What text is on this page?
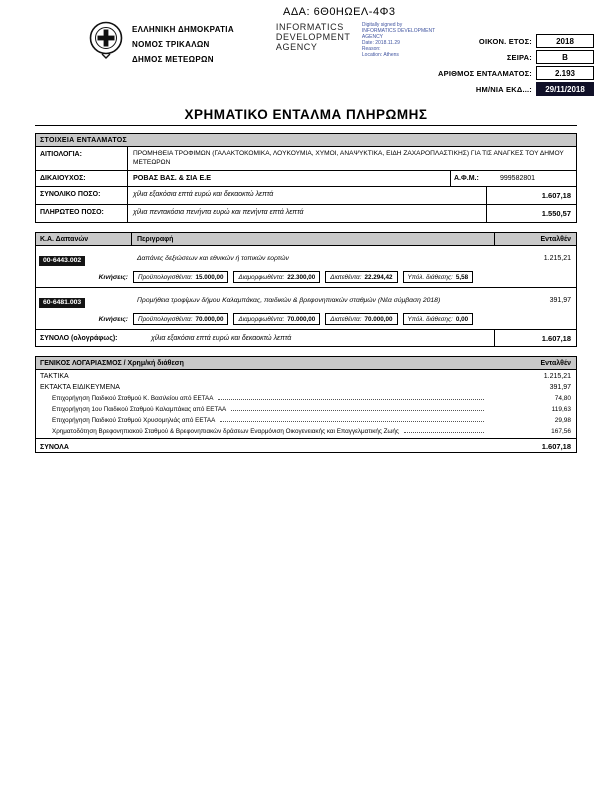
ΑΔΑ: 6Θ0ΗΩΕΛ-4Φ3
ΕΛΛΗΝΙΚΗ ΔΗΜΟΚΡΑΤΙΑ
ΝΟΜΟΣ ΤΡΙΚΑΛΩΝ
ΔΗΜΟΣ ΜΕΤΕΩΡΩΝ
INFORMATICS DEVELOPMENT AGENCY
Digitally signed by INFORMATICS DEVELOPMENT AGENCY
Date: 2018.11.29
Reason:
Location: Athens
ΟΙΚΟΝ. ΕΤΟΣ:	2018
ΣΕΙΡΑ:	Β
ΑΡΙΘΜΟΣ ΕΝΤΑΛΜΑΤΟΣ:	2.193
ΗΜ/ΝΙΑ ΕΚΔ...:	29/11/2018
ΧΡΗΜΑΤΙΚΟ ΕΝΤΑΛΜΑ ΠΛΗΡΩΜΗΣ
ΣΤΟΙΧΕΙΑ ΕΝΤΑΛΜΑΤΟΣ
ΑΙΤΙΟΛΟΓΙΑ:	ΠΡΟΜΗΘΕΙΑ ΤΡΟΦΙΜΩΝ (ΓΑΛΑΚΤΟΚΟΜΙΚΑ, ΛΟΥΚΟΥΜΙΑ, ΧΥΜΟΙ, ΑΝΑΨΥΚΤΙΚΑ, ΕΙΔΗ ΖΑΧΑΡΟΠΛΑΣΤΙΚΗΣ) ΓΙΑ ΤΙΣ ΑΝΑΓΚΕΣ ΤΟΥ ΔΗΜΟΥ ΜΕΤΕΩΡΩΝ
ΔΙΚΑΙΟΥΧΟΣ:	ΡΟΒΑΣ ΒΑΣ. & ΣΙΑ Ε.Ε	Α.Φ.Μ.:	999582801
ΣΥΝΟΛΙΚΟ ΠΟΣΟ:	χίλια εξακόσια επτά ευρώ και δεκαοκτώ λεπτά	1.607,18
ΠΛΗΡΩΤΕΟ ΠΟΣΟ:	χίλια πεντακόσια πενήντα ευρώ και πενήντα επτά λεπτά	1.550,57
Κ.Α. Δαπανών	Περιγραφή	Ενταλθέν
00-6443.002	Δαπάνες δεξιώσεων και εθνικών ή τοπικών εορτών	1.215,21
Κινήσεις: Προϋπολογισθέντα: 15.000,00 Διαμορφωθέντα: 22.300,00 Διατεθέντα: 22.294,42 Υπόλ. διάθεσης: 5,58
60-6481.003	Προμήθεια τροφίμων δήμου Καλαμπάκας, παιδικών & βρεφονηπιακών σταθμών (Νέα σύμβαση 2018)	391,97
Κινήσεις: Προϋπολογισθέντα: 70.000,00 Διαμορφωθέντα: 70.000,00 Διατεθέντα: 70.000,00 Υπόλ. διάθεσης: 0,00
ΣΥΝΟΛΟ (ολογράφως):	χίλια εξακόσια επτά ευρώ και δεκαοκτώ λεπτά	1.607,18
ΓΕΝΙΚΟΣ ΛΟΓΑΡΙΑΣΜΟΣ / Χρημ/κή διάθεση	Ενταλθέν
ΤΑΚΤΙΚΑ	1.215,21
ΕΚΤΑΚΤΑ ΕΙΔΙΚΕΥΜΕΝΑ	391,97
Επιχορήγηση Παιδικού Σταθμού Κ. Βασιλείου από ΕΕΤΑΑ	74,80
Επιχορήγηση 1ου Παιδικού Σταθμού Καλαμπάκας από ΕΕΤΑΑ	119,63
Επιχορήγηση Παιδικού Σταθμού Χρυσομηλιάς από ΕΕΤΑΑ	29,98
Χρηματοδότηση Βρεφονηπιακού Σταθμού & Βρεφονηπιακών δράσεων Εναρμόνιση Οικογενειακής και Επαγγελματικής Ζωής	167,56
ΣΥΝΟΛΑ	1.607,18
